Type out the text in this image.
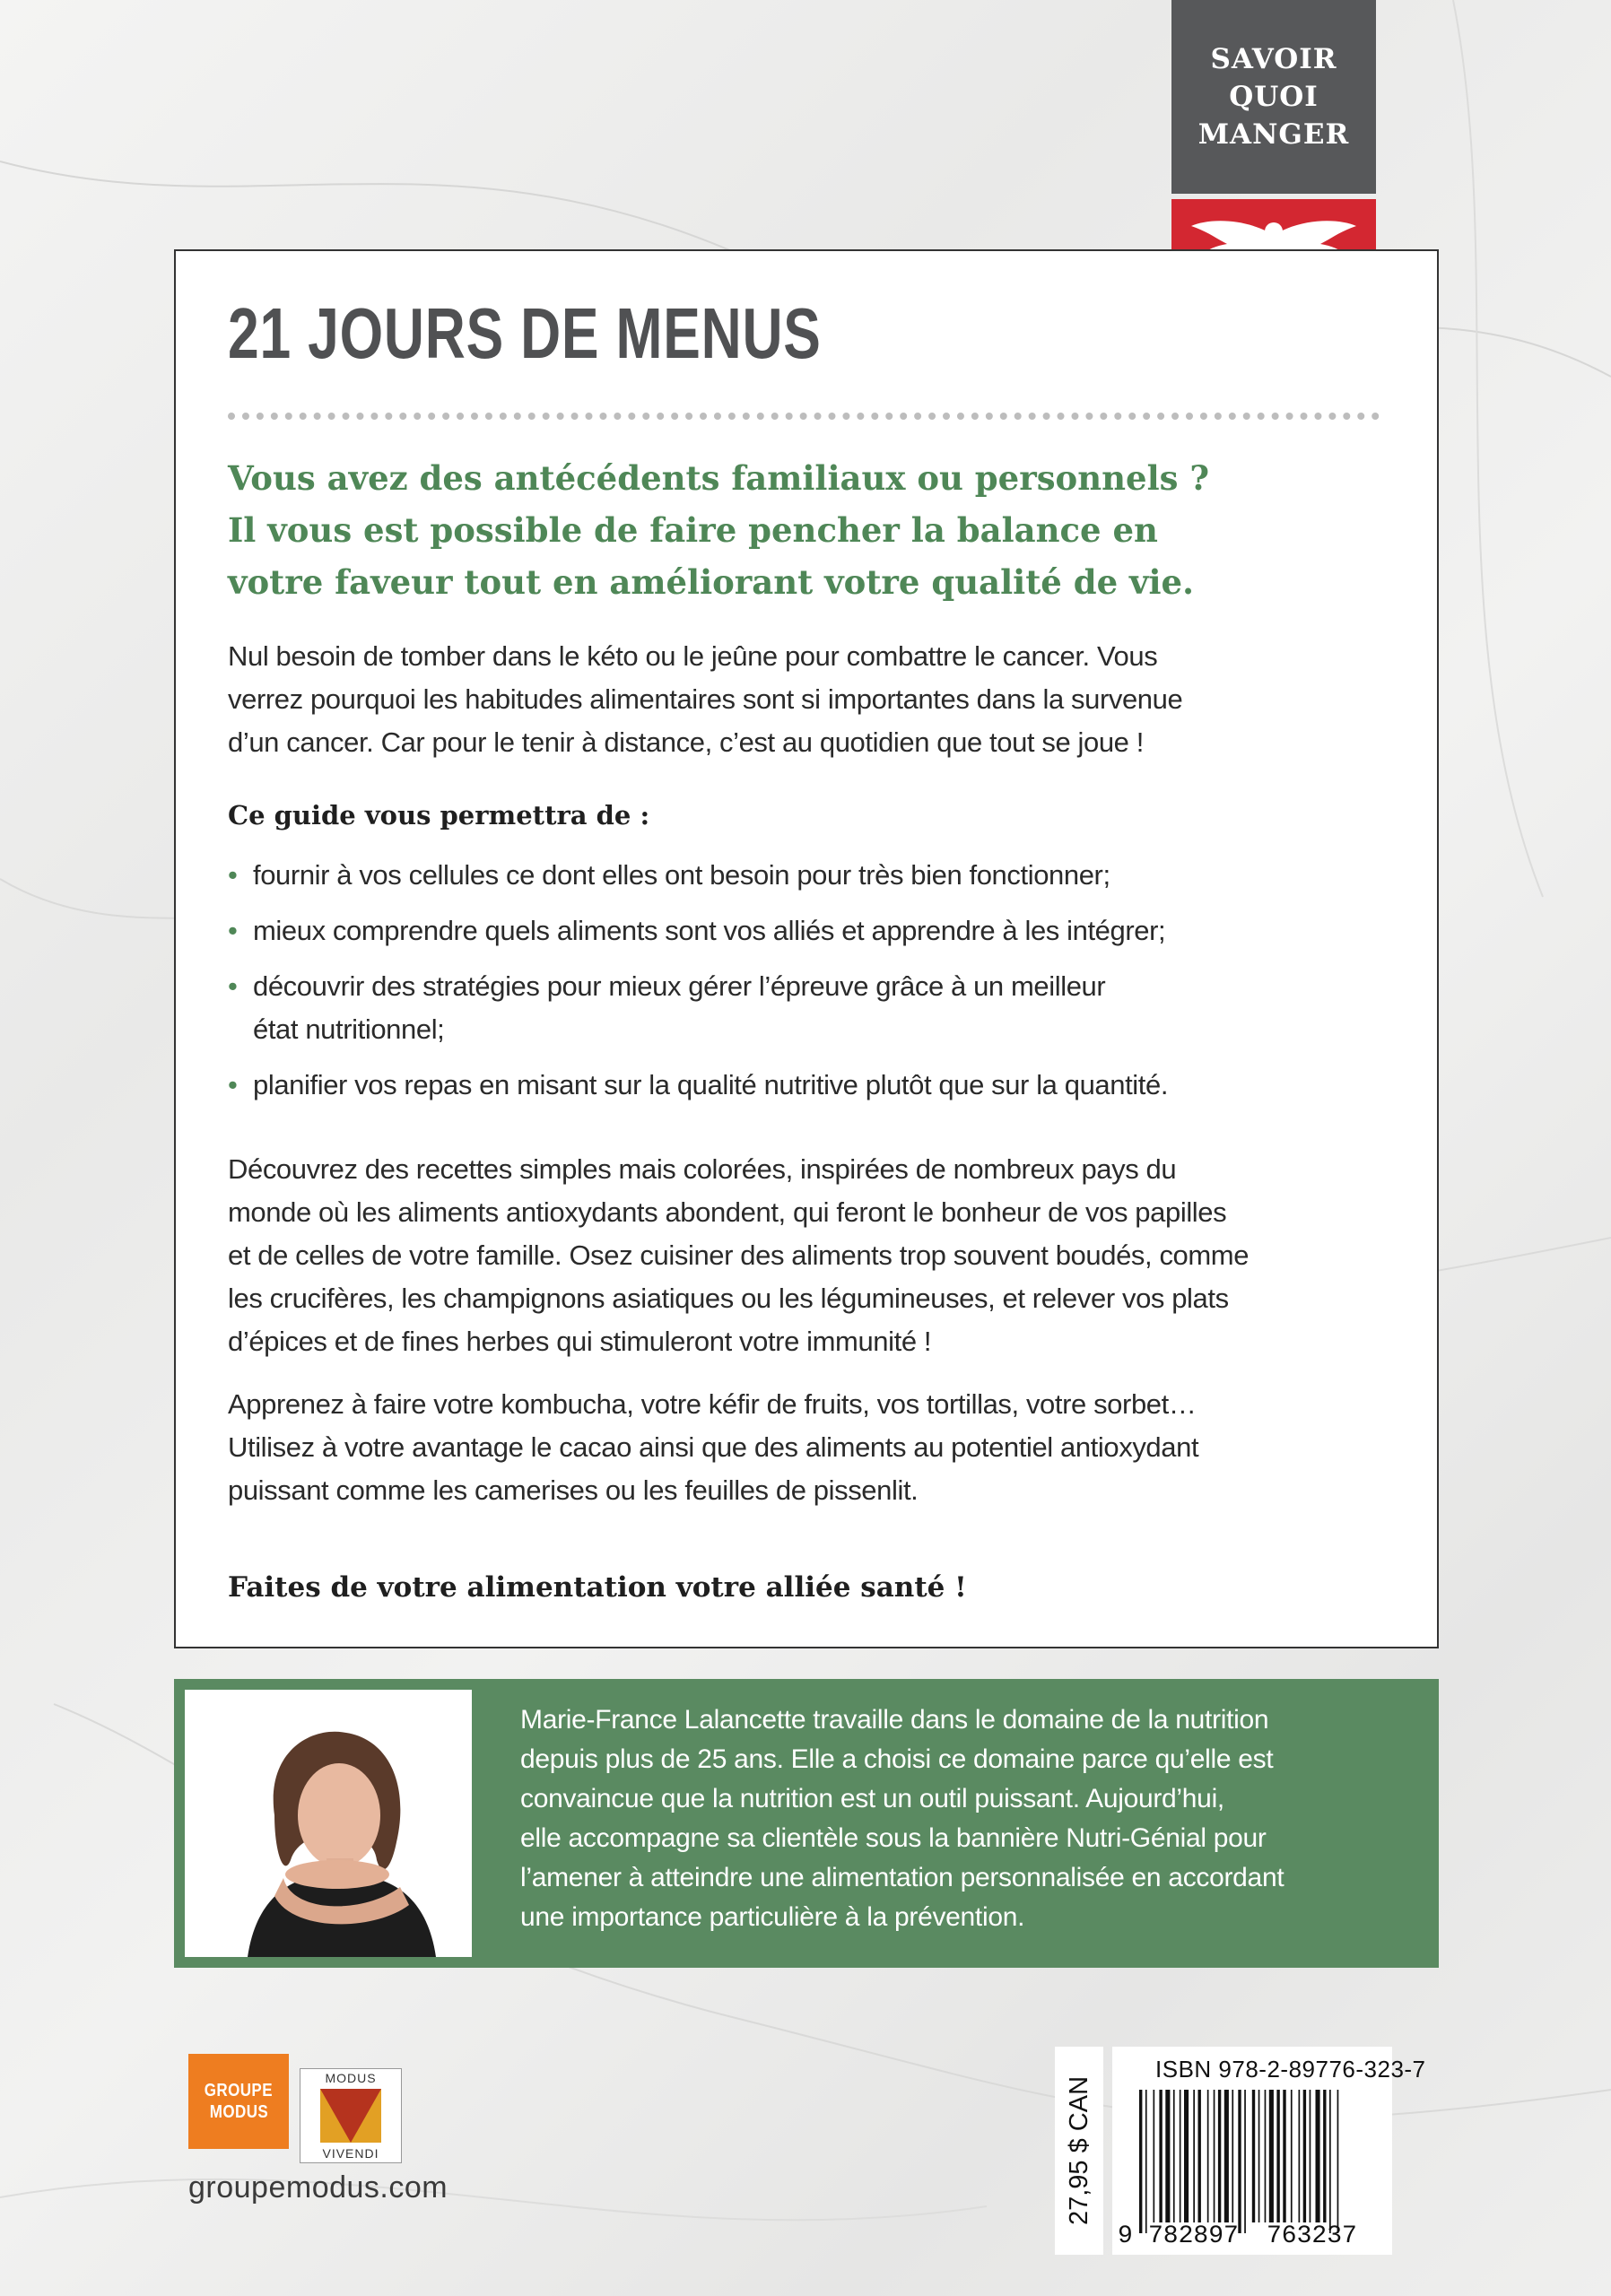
SAVOIR
QUOI
MANGER
21 JOURS DE MENUS

Vous avez des antécédents familiaux ou personnels ?
Il vous est possible de faire pencher la balance en
votre faveur tout en améliorant votre qualité de vie.

Nul besoin de tomber dans le kéto ou le jeûne pour combattre le cancer. Vous
verrez pourquoi les habitudes alimentaires sont si importantes dans la survenue
d’un cancer. Car pour le tenir à distance, c’est au quotidien que tout se joue !

Ce guide vous permettra de :
• fournir à vos cellules ce dont elles ont besoin pour très bien fonctionner;
• mieux comprendre quels aliments sont vos alliés et apprendre à les intégrer;
• découvrir des stratégies pour mieux gérer l’épreuve grâce à un meilleur
état nutritionnel;
• planifier vos repas en misant sur la qualité nutritive plutôt que sur la quantité.

Découvrez des recettes simples mais colorées, inspirées de nombreux pays du
monde où les aliments antioxydants abondent, qui feront le bonheur de vos papilles
et de celles de votre famille. Osez cuisiner des aliments trop souvent boudés, comme
les crucifères, les champignons asiatiques ou les légumineuses, et relever vos plats
d’épices et de fines herbes qui stimuleront votre immunité !

Apprenez à faire votre kombucha, votre kéfir de fruits, vos tortillas, votre sorbet…
Utilisez à votre avantage le cacao ainsi que des aliments au potentiel antioxydant
puissant comme les camerises ou les feuilles de pissenlit.

Faites de votre alimentation votre alliée santé !

Marie-France Lalancette travaille dans le domaine de la nutrition
depuis plus de 25 ans. Elle a choisi ce domaine parce qu’elle est
convaincue que la nutrition est un outil puissant. Aujourd’hui,
elle accompagne sa clientèle sous la bannière Nutri-Génial pour
l’amener à atteindre une alimentation personnalisée en accordant
une importance particulière à la prévention.

GROUPE
MODUS
MODUS
VIVENDI

groupemodus.com	27,95 $ CAN

ISBN 978-2-89776-323-7

9 782897 763237
